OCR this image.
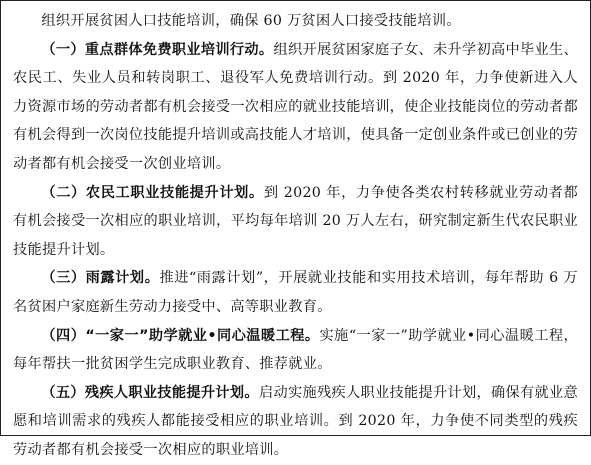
组织开展贫困人口技能培训，确保 60 万贫困人口接受技能培训。

（一）重点群体免费职业培训行动。组织开展贫困家庭子女、未升学初高中毕业生、农民工、失业人员和转岗职工、退役军人免费培训行动。到 2020 年，力争使新进入人力资源市场的劳动者都有机会接受一次相应的就业技能培训，使企业技能岗位的劳动者都有机会得到一次岗位技能提升培训或高技能人才培训，使具备一定创业条件或已创业的劳动者都有机会接受一次创业培训。

（二）农民工职业技能提升计划。到 2020 年，力争使各类农村转移就业劳动者都有机会接受一次相应的职业培训，平均每年培训 20 万人左右，研究制定新生代农民职业技能提升计划。

（三）雨露计划。推进“雨露计划”，开展就业技能和实用技术培训，每年帮助 6 万名贫困户家庭新生劳动力接受中、高等职业教育。

（四）“一家一”助学就业•同心温暖工程。实施“一家一”助学就业•同心温暖工程，每年帮扶一批贫困学生完成职业教育、推荐就业。

（五）残疾人职业技能提升计划。启动实施残疾人职业技能提升计划，确保有就业意愿和培训需求的残疾人都能接受相应的职业培训。到 2020 年，力争使不同类型的残疾劳动者都有机会接受一次相应的职业培训。
